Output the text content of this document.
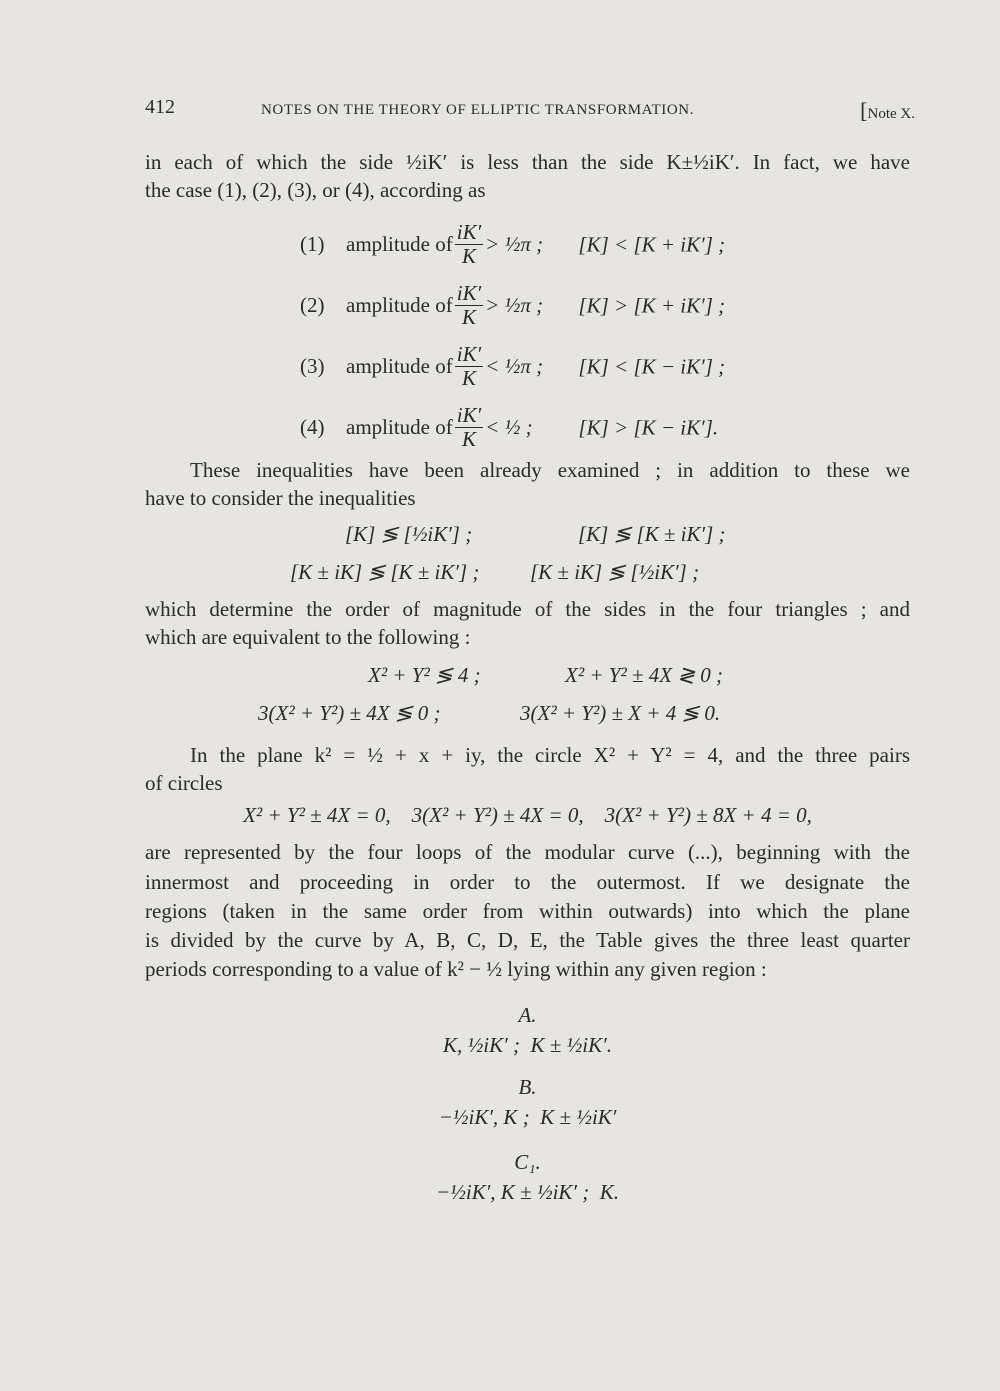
412	NOTES ON THE THEORY OF ELLIPTIC TRANSFORMATION.	[Note X.
in each of which the side ½iK′ is less than the side K±½iK′. In fact, we have
the case (1), (2), (3), or (4), according as
(1) amplitude of $\frac{iK'}{K}$ > ½π ; [K] < [K + iK′] ;
(2) amplitude of $\frac{iK'}{K}$ > ½π ; [K] > [K + iK′] ;
(3) amplitude of $\frac{iK'}{K}$ < ½π ; [K] < [K − iK′] ;
(4) amplitude of $\frac{iK'}{K}$ < ½ ; [K] > [K − iK′].
These inequalities have been already examined ; in addition to these we
have to consider the inequalities
[K] ≶ [½iK′] ;	[K] ≶ [K ± iK′] ;
[K ± iK] ≶ [K ± iK′] ;	[K ± iK] ≶ [½iK′] ;
which determine the order of magnitude of the sides in the four triangles ; and
which are equivalent to the following :
X² + Y² ≶ 4 ;	X² + Y² ± 4X ≷ 0 ;
3(X² + Y²) ± 4X ≶ 0 ;	3(X² + Y²) ± X + 4 ≶ 0.
In the plane k² = ½ + x + iy, the circle X² + Y² = 4, and the three pairs
of circles
X² + Y² ± 4X = 0,    3(X² + Y²) ± 4X = 0,    3(X² + Y²) ± 8X + 4 = 0,
are represented by the four loops of the modular curve (...), beginning with the
innermost and proceeding in order to the outermost. If we designate the
regions (taken in the same order from within outwards) into which the plane
is divided by the curve by A, B, C, D, E, the Table gives the three least quarter
periods corresponding to a value of k² − ½ lying within any given region :
A.
K, ½iK′ ;  K ± ½iK′.
B.
−½iK′, K ;  K ± ½iK′
C₁.
−½iK′, K ± ½iK′ ;  K.
